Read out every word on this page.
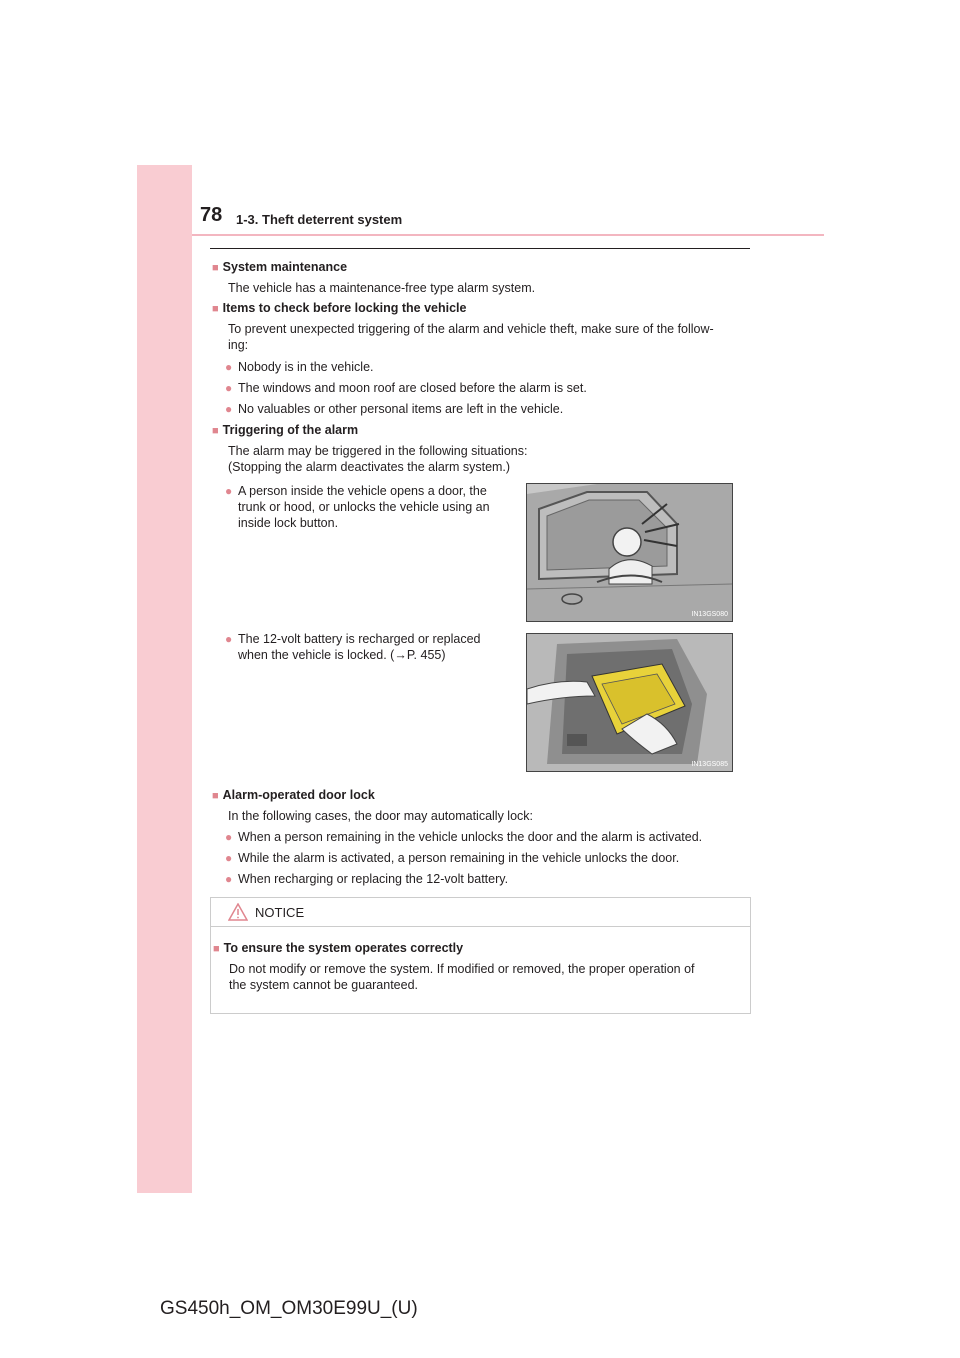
78 1-3. Theft deterrent system
■ System maintenance
The vehicle has a maintenance-free type alarm system.
■ Items to check before locking the vehicle
To prevent unexpected triggering of the alarm and vehicle theft, make sure of the follow-
ing:
● Nobody is in the vehicle.
● The windows and moon roof are closed before the alarm is set.
● No valuables or other personal items are left in the vehicle.
■ Triggering of the alarm
The alarm may be triggered in the following situations:
(Stopping the alarm deactivates the alarm system.)
● A person inside the vehicle opens a door, the
trunk or hood, or unlocks the vehicle using an
inside lock button.
IN13GS080
● The 12-volt battery is recharged or replaced
when the vehicle is locked. (→P. 455)
IN13GS085
■ Alarm-operated door lock
In the following cases, the door may automatically lock:
● When a person remaining in the vehicle unlocks the door and the alarm is activated.
● While the alarm is activated, a person remaining in the vehicle unlocks the door.
● When recharging or replacing the 12-volt battery.
NOTICE
■ To ensure the system operates correctly
Do not modify or remove the system. If modified or removed, the proper operation of
the system cannot be guaranteed.
GS450h_OM_OM30E99U_(U)
